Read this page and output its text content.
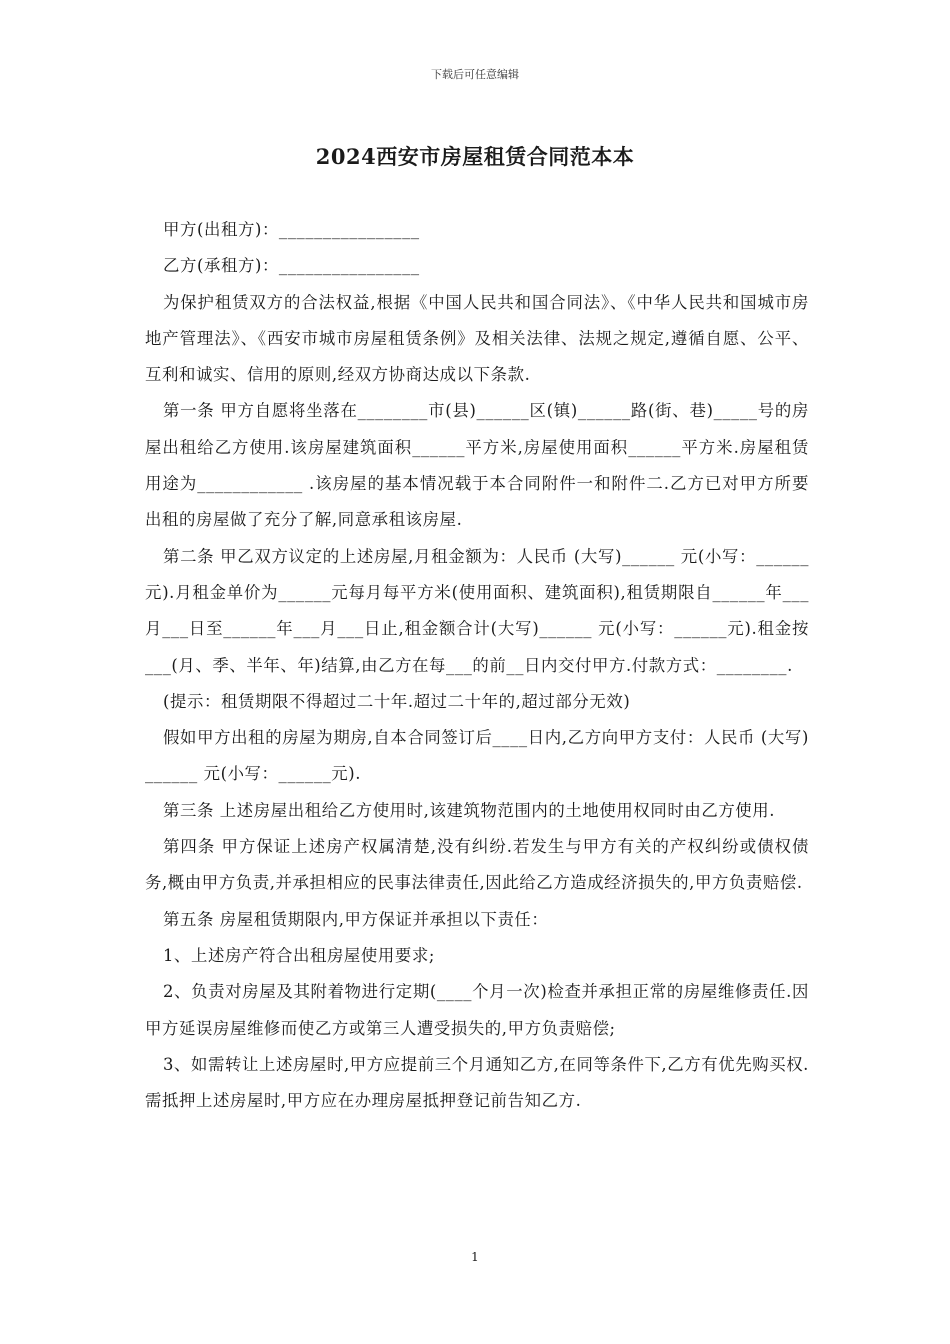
下载后可任意编辑
2024西安市房屋租赁合同范本本

甲方(出租方)：________________

乙方(承租方)：________________

为保护租赁双方的合法权益,根据《中国人民共和国合同法》、《中华人民共和国城市房地产管理法》、《西安市城市房屋租赁条例》及相关法律、法规之规定,遵循自愿、公平、互利和诚实、信用的原则,经双方协商达成以下条款.

第一条 甲方自愿将坐落在________市(县)______区(镇)______路(街、巷)_____号的房屋出租给乙方使用.该房屋建筑面积______平方米,房屋使用面积______平方米.房屋租赁用途为____________ .该房屋的基本情况载于本合同附件一和附件二.乙方已对甲方所要出租的房屋做了充分了解,同意承租该房屋.

第二条 甲乙双方议定的上述房屋,月租金额为：人民币 (大写)______ 元(小写：______元).月租金单价为______元每月每平方米(使用面积、建筑面积),租赁期限自______年___月___日至______年___月___日止,租金额合计(大写)______ 元(小写：______元).租金按___(月、季、半年、年)结算,由乙方在每___的前__日内交付甲方.付款方式：________.

(提示：租赁期限不得超过二十年.超过二十年的,超过部分无效)

假如甲方出租的房屋为期房,自本合同签订后____日内,乙方向甲方支付：人民币 (大写)______ 元(小写：______元).

第三条 上述房屋出租给乙方使用时,该建筑物范围内的土地使用权同时由乙方使用.

第四条 甲方保证上述房产权属清楚,没有纠纷.若发生与甲方有关的产权纠纷或债权债务,概由甲方负责,并承担相应的民事法律责任,因此给乙方造成经济损失的,甲方负责赔偿.

第五条 房屋租赁期限内,甲方保证并承担以下责任：

1、上述房产符合出租房屋使用要求;

2、负责对房屋及其附着物进行定期(____个月一次)检查并承担正常的房屋维修责任.因甲方延误房屋维修而使乙方或第三人遭受损失的,甲方负责赔偿;

3、如需转让上述房屋时,甲方应提前三个月通知乙方,在同等条件下,乙方有优先购买权.需抵押上述房屋时,甲方应在办理房屋抵押登记前告知乙方.

1
